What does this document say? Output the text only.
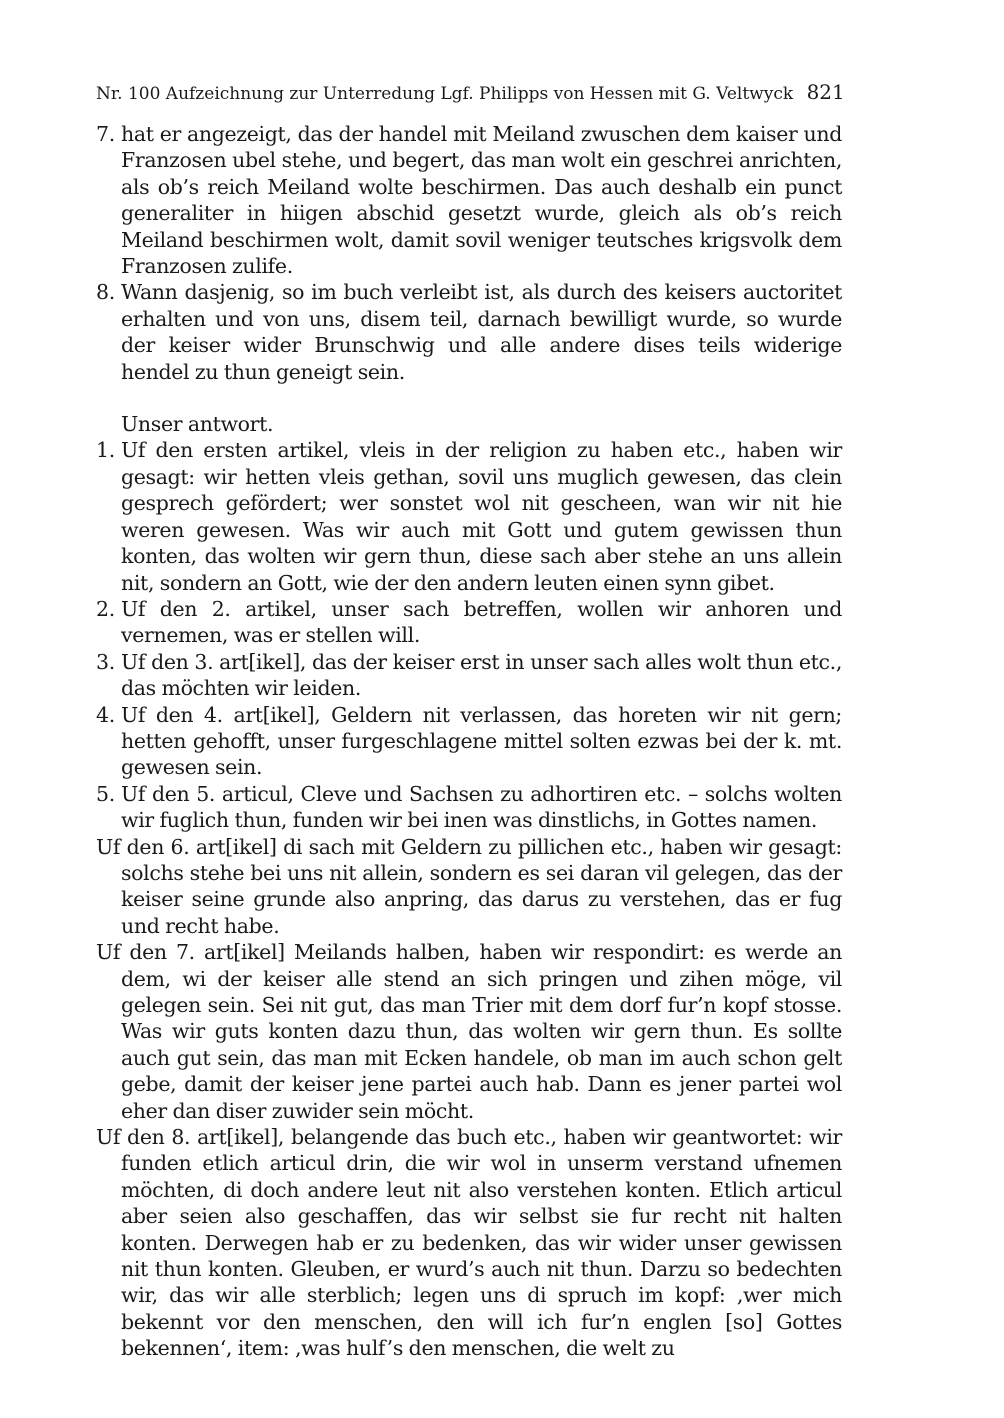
Nr. 100 Aufzeichnung zur Unterredung Lgf. Philipps von Hessen mit G. Veltwyck 821
7. hat er angezeigt, das der handel mit Meiland zwuschen dem kaiser und Franzosen ubel stehe, und begert, das man wolt ein geschrei anrichten, als ob’s reich Meiland wolte beschirmen. Das auch deshalb ein punct generaliter in hiigen abschid gesetzt wurde, gleich als ob’s reich Meiland beschirmen wolt, damit sovil weniger teutsches krigsvolk dem Franzosen zulife.
8. Wann dasjenig, so im buch verleibt ist, als durch des keisers auctoritet erhalten und von uns, disem teil, darnach bewilligt wurde, so wurde der keiser wider Brunschwig und alle andere dises teils widerige hendel zu thun geneigt sein.
Unser antwort.
1. Uf den ersten artikel, vleis in der religion zu haben etc., haben wir gesagt: wir hetten vleis gethan, sovil uns muglich gewesen, das clein gesprech gefördert; wer sonstet wol nit gescheen, wan wir nit hie weren gewesen. Was wir auch mit Gott und gutem gewissen thun konten, das wolten wir gern thun, diese sach aber stehe an uns allein nit, sondern an Gott, wie der den andern leuten einen synn gibet.
2. Uf den 2. artikel, unser sach betreffen, wollen wir anhoren und vernemen, was er stellen will.
3. Uf den 3. art[ikel], das der keiser erst in unser sach alles wolt thun etc., das möchten wir leiden.
4. Uf den 4. art[ikel], Geldern nit verlassen, das horeten wir nit gern; hetten gehofft, unser furgeschlagene mittel solten ezwas bei der k. mt. gewesen sein.
5. Uf den 5. articul, Cleve und Sachsen zu adhortiren etc. – solchs wolten wir fuglich thun, funden wir bei inen was dinstlichs, in Gottes namen.
Uf den 6. art[ikel] di sach mit Geldern zu pillichen etc., haben wir gesagt: solchs stehe bei uns nit allein, sondern es sei daran vil gelegen, das der keiser seine grunde also anpring, das darus zu verstehen, das er fug und recht habe.
Uf den 7. art[ikel] Meilands halben, haben wir respondirt: es werde an dem, wi der keiser alle stend an sich pringen und zihen möge, vil gelegen sein. Sei nit gut, das man Trier mit dem dorf fur’n kopf stosse. Was wir guts konten dazu thun, das wolten wir gern thun. Es sollte auch gut sein, das man mit Ecken handele, ob man im auch schon gelt gebe, damit der keiser jene partei auch hab. Dann es jener partei wol eher dan diser zuwider sein möcht.
Uf den 8. art[ikel], belangende das buch etc., haben wir geantwortet: wir funden etlich articul drin, die wir wol in unserm verstand ufnemen möchten, di doch andere leut nit also verstehen konten. Etlich articul aber seien also geschaffen, das wir selbst sie fur recht nit halten konten. Derwegen hab er zu bedenken, das wir wider unser gewissen nit thun konten. Gleuben, er wurd’s auch nit thun. Darzu so bedechten wir, das wir alle sterblich; legen uns di spruch im kopf: ‚wer mich bekennt vor den menschen, den will ich fur’n englen [so] Gottes bekennen‘, item: ‚was hulf’s den menschen, die welt zu
